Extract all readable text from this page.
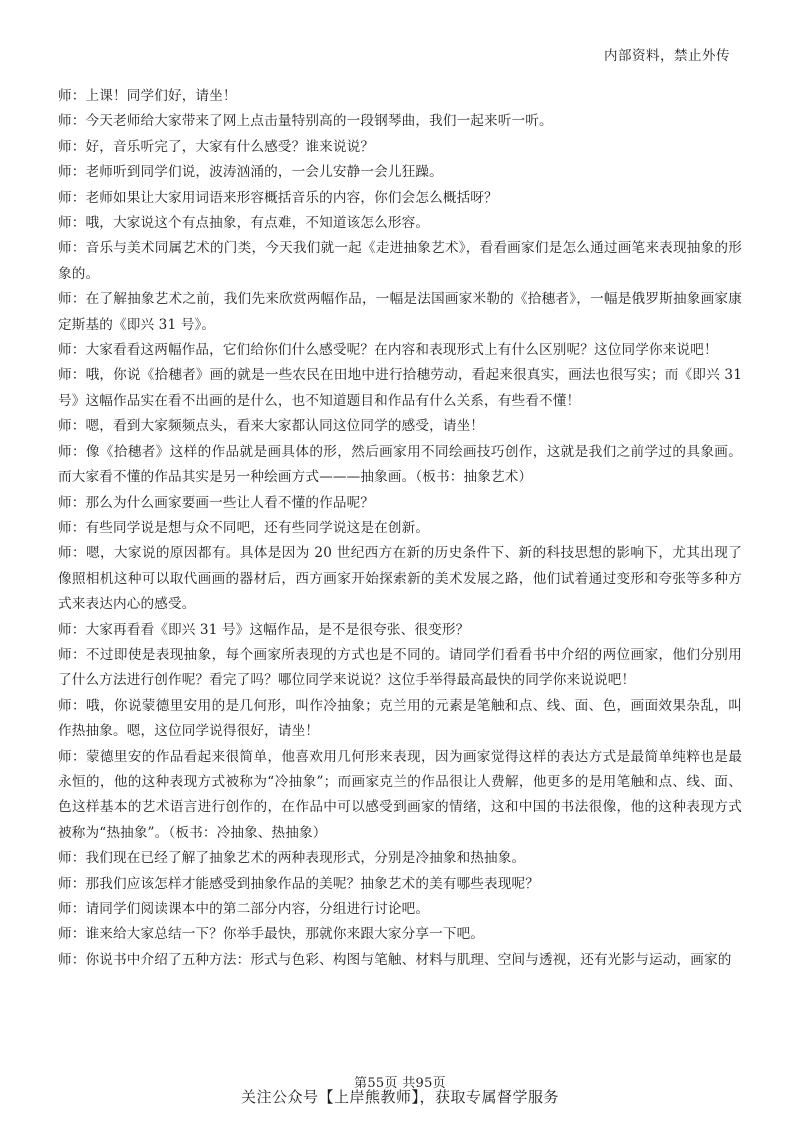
内部资料，禁止外传

师：上课！同学们好，请坐！

师：今天老师给大家带来了网上点击量特别高的一段钢琴曲，我们一起来听一听。

师：好，音乐听完了，大家有什么感受？谁来说说？

师：老师听到同学们说，波涛汹涌的，一会儿安静一会儿狂躁。

师：老师如果让大家用词语来形容概括音乐的内容，你们会怎么概括呀？

师：哦，大家说这个有点抽象，有点难，不知道该怎么形容。

师：音乐与美术同属艺术的门类，今天我们就一起《走进抽象艺术》，看看画家们是怎么通过画笔来表现抽象的形象的。

师：在了解抽象艺术之前，我们先来欣赏两幅作品，一幅是法国画家米勒的《拾穗者》，一幅是俄罗斯抽象画家康定斯基的《即兴 31 号》。

师：大家看看这两幅作品，它们给你们什么感受呢？在内容和表现形式上有什么区别呢？这位同学你来说吧！

师：哦，你说《拾穗者》画的就是一些农民在田地中进行拾穗劳动，看起来很真实，画法也很写实；而《即兴 31 号》这幅作品实在看不出画的是什么，也不知道题目和作品有什么关系，有些看不懂！

师：嗯，看到大家频频点头，看来大家都认同这位同学的感受，请坐！

师：像《拾穗者》这样的作品就是画具体的形，然后画家用不同绘画技巧创作，这就是我们之前学过的具象画。而大家看不懂的作品其实是另一种绘画方式———抽象画。（板书：抽象艺术）

师：那么为什么画家要画一些让人看不懂的作品呢？

师：有些同学说是想与众不同吧，还有些同学说这是在创新。

师：嗯，大家说的原因都有。具体是因为 20 世纪西方在新的历史条件下、新的科技思想的影响下，尤其出现了像照相机这种可以取代画画的器材后，西方画家开始探索新的美术发展之路，他们试着通过变形和夸张等多种方式来表达内心的感受。

师：大家再看看《即兴 31 号》这幅作品，是不是很夸张、很变形？

师：不过即使是表现抽象，每个画家所表现的方式也是不同的。请同学们看看书中介绍的两位画家，他们分别用了什么方法进行创作呢？看完了吗？哪位同学来说说？这位手举得最高最快的同学你来说说吧！

师：哦，你说蒙德里安用的是几何形，叫作冷抽象；克兰用的元素是笔触和点、线、面、色，画面效果杂乱，叫作热抽象。嗯，这位同学说得很好，请坐！

师：蒙德里安的作品看起来很简单，他喜欢用几何形来表现，因为画家觉得这样的表达方式是最简单纯粹也是最永恒的，他的这种表现方式被称为“冷抽象”；而画家克兰的作品很让人费解，他更多的是用笔触和点、线、面、色这样基本的艺术语言进行创作的，在作品中可以感受到画家的情绪，这和中国的书法很像，他的这种表现方式被称为“热抽象”。（板书：冷抽象、热抽象）

师：我们现在已经了解了抽象艺术的两种表现形式，分别是冷抽象和热抽象。

师：那我们应该怎样才能感受到抽象作品的美呢？抽象艺术的美有哪些表现呢？

师：请同学们阅读课本中的第二部分内容，分组进行讨论吧。

师：谁来给大家总结一下？你举手最快，那就你来跟大家分享一下吧。

师：你说书中介绍了五种方法：形式与色彩、构图与笔触、材料与肌理、空间与透视，还有光影与运动，画家的

第55页 共95页
关注公众号【上岸熊教师】，获取专属督学服务
